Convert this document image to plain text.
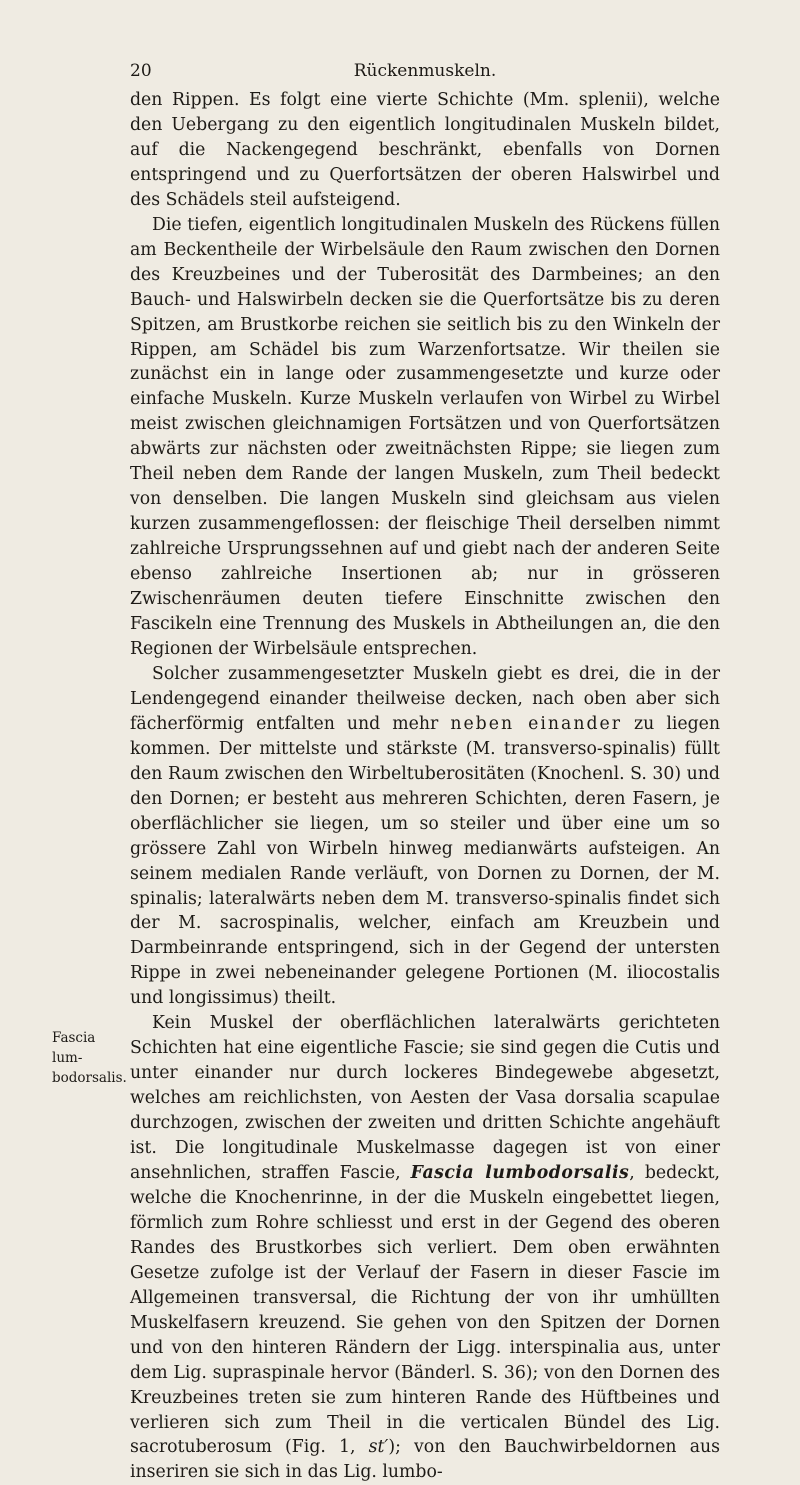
20	Rückenmuskeln.
Fascia lum-
bodorsalis.

den Rippen. Es folgt eine vierte Schichte (Mm. splenii), welche den Uebergang zu den eigentlich longitudinalen Muskeln bildet, auf die Nackengegend beschränkt, ebenfalls von Dornen entspringend und zu Querfortsätzen der oberen Halswirbel und des Schädels steil aufsteigend.

Die tiefen, eigentlich longitudinalen Muskeln des Rückens füllen am Beckentheile der Wirbelsäule den Raum zwischen den Dornen des Kreuzbeines und der Tuberosität des Darmbeines; an den Bauch- und Halswirbeln decken sie die Querfortsätze bis zu deren Spitzen, am Brustkorbe reichen sie seitlich bis zu den Winkeln der Rippen, am Schädel bis zum Warzenfortsatze. Wir theilen sie zunächst ein in lange oder zusammengesetzte und kurze oder einfache Muskeln. Kurze Muskeln verlaufen von Wirbel zu Wirbel meist zwischen gleichnamigen Fortsätzen und von Querfortsätzen abwärts zur nächsten oder zweitnächsten Rippe; sie liegen zum Theil neben dem Rande der langen Muskeln, zum Theil bedeckt von denselben. Die langen Muskeln sind gleichsam aus vielen kurzen zusammengeflossen: der fleischige Theil derselben nimmt zahlreiche Ursprungssehnen auf und giebt nach der anderen Seite ebenso zahlreiche Insertionen ab; nur in grösseren Zwischenräumen deuten tiefere Einschnitte zwischen den Fascikeln eine Trennung des Muskels in Abtheilungen an, die den Regionen der Wirbelsäule entsprechen.

Solcher zusammengesetzter Muskeln giebt es drei, die in der Lendengegend einander theilweise decken, nach oben aber sich fächerförmig entfalten und mehr neben einander zu liegen kommen. Der mittelste und stärkste (M. transverso-spinalis) füllt den Raum zwischen den Wirbeltuberositäten (Knochenl. S. 30) und den Dornen; er besteht aus mehreren Schichten, deren Fasern, je oberflächlicher sie liegen, um so steiler und über eine um so grössere Zahl von Wirbeln hinweg medianwärts aufsteigen. An seinem medialen Rande verläuft, von Dornen zu Dornen, der M. spinalis; lateralwärts neben dem M. transverso-spinalis findet sich der M. sacrospinalis, welcher, einfach am Kreuzbein und Darmbeinrande entspringend, sich in der Gegend der untersten Rippe in zwei nebeneinander gelegene Portionen (M. iliocostalis und longissimus) theilt.

Kein Muskel der oberflächlichen lateralwärts gerichteten Schichten hat eine eigentliche Fascie; sie sind gegen die Cutis und unter einander nur durch lockeres Bindegewebe abgesetzt, welches am reichlichsten, von Aesten der Vasa dorsalia scapulae durchzogen, zwischen der zweiten und dritten Schichte angehäuft ist. Die longitudinale Muskelmasse dagegen ist von einer ansehnlichen, straffen Fascie, Fascia lumbodorsalis, bedeckt, welche die Knochenrinne, in der die Muskeln eingebettet liegen, förmlich zum Rohre schliesst und erst in der Gegend des oberen Randes des Brustkorbes sich verliert. Dem oben erwähnten Gesetze zufolge ist der Verlauf der Fasern in dieser Fascie im Allgemeinen transversal, die Richtung der von ihr umhüllten Muskelfasern kreuzend. Sie gehen von den Spitzen der Dornen und von den hinteren Rändern der Ligg. interspinalia aus, unter dem Lig. supraspinale hervor (Bänderl. S. 36); von den Dornen des Kreuzbeines treten sie zum hinteren Rande des Hüftbeines und verlieren sich zum Theil in die verticalen Bündel des Lig. sacrotuberosum (Fig. 1, st′); von den Bauchwirbeldornen aus inseriren sie sich in das Lig. lumbo-
